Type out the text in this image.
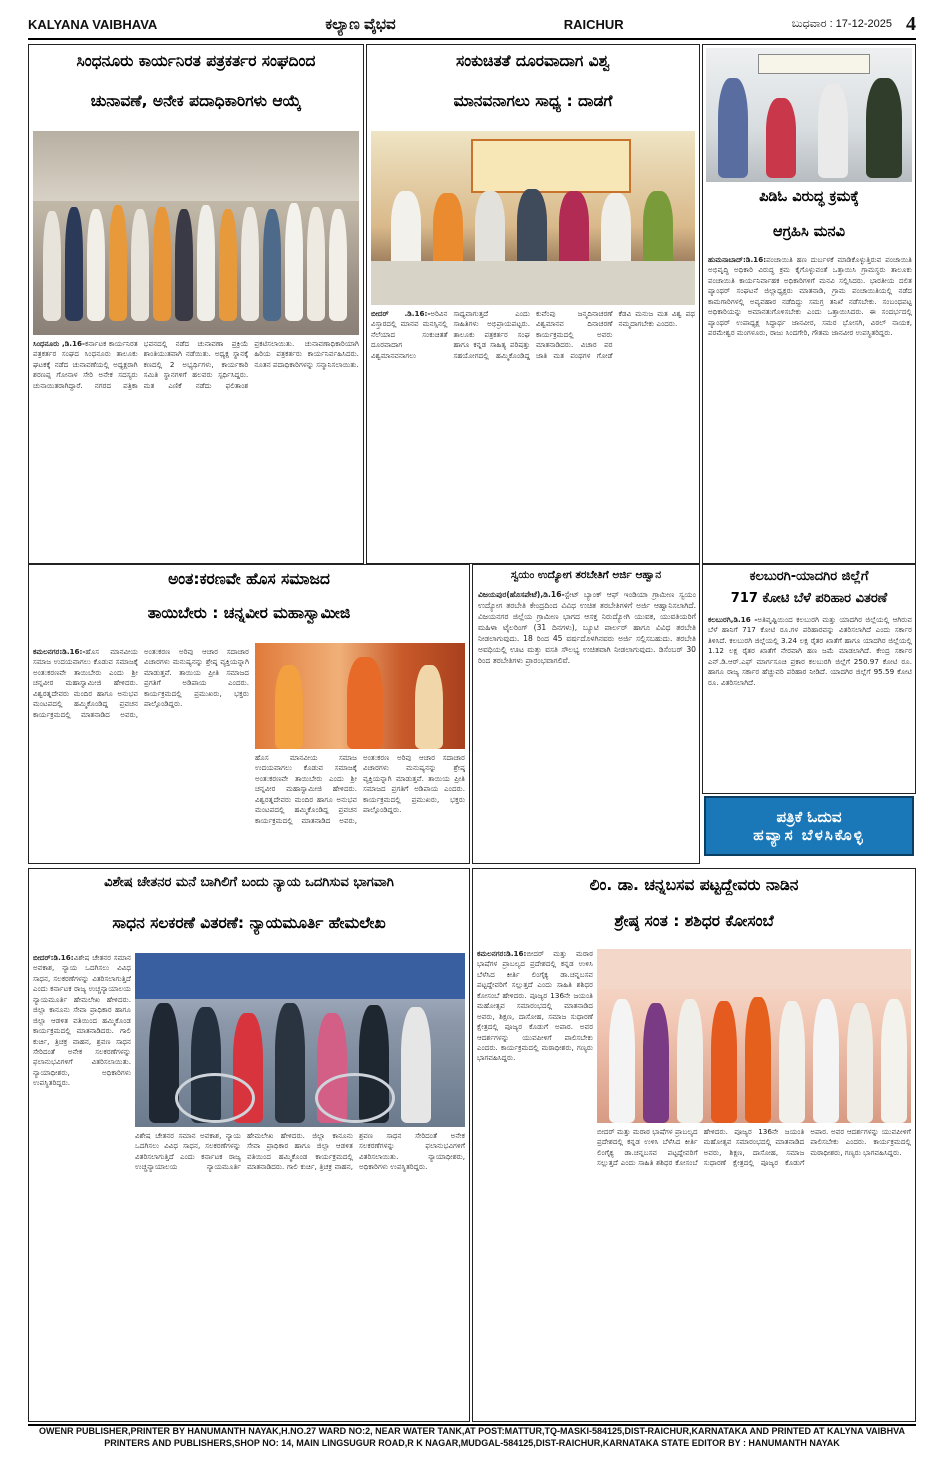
KALYANA VAIBHAVA	ಕಲ್ಯಾಣ ವೈಭವ	RAICHUR	ಬುಧವಾರ : 17-12-2025 4
ಸಿಂಧನೂರು ಕಾರ್ಯನಿರತ ಪತ್ರಕರ್ತರ ಸಂಘದಿಂದ
ಚುನಾವಣೆ, ಅನೇಕ ಪದಾಧಿಕಾರಿಗಳು ಆಯ್ಕೆ
ಸಿಂಧನೂರು ,ಡಿ.16-ಕರ್ನಾಟಕ ಕಾರ್ಯನಿರತ ಪತ್ರಕರ್ತರ ಸಂಘದ ಸಿಂಧನೂರು ತಾಲೂಕು ಘಟಕಕ್ಕೆ ನಡೆದ ಚುನಾವಣೆಯಲ್ಲಿ ಅಧ್ಯಕ್ಷರಾಗಿ ಶರಣಪ್ಪ ಗೋನಾಳ ಸೇರಿ ಅನೇಕ ಸದಸ್ಯರು ಚುನಾಯಿತರಾಗಿದ್ದಾರೆ. ನಗರದ ಪತ್ರಿಕಾ ಭವನದಲ್ಲಿ ನಡೆದ ಚುನಾವಣಾ ಪ್ರಕ್ರಿಯೆ ಶಾಂತಿಯುತವಾಗಿ ನಡೆಯಿತು. ಅಧ್ಯಕ್ಷ ಸ್ಥಾನಕ್ಕೆ ಕಣದಲ್ಲಿ 2 ಅಭ್ಯರ್ಥಿಗಳು, ಕಾರ್ಯಕಾರಿ ಸಮಿತಿ ಸ್ಥಾನಗಳಿಗೆ ಹಲವರು ಸ್ಪರ್ಧಿಸಿದ್ದರು. ಮತ ಎಣಿಕೆ ನಡೆದು ಫಲಿತಾಂಶ ಪ್ರಕಟಿಸಲಾಯಿತು. ಚುನಾವಣಾಧಿಕಾರಿಯಾಗಿ ಹಿರಿಯ ಪತ್ರಕರ್ತರು ಕಾರ್ಯನಿರ್ವಹಿಸಿದರು. ನೂತನ ಪದಾಧಿಕಾರಿಗಳನ್ನು ಸನ್ಮಾನಿಸಲಾಯಿತು.
ಸಂಕುಚಿತತೆ ದೂರವಾದಾಗ ವಿಶ್ವ
ಮಾನವನಾಗಲು ಸಾಧ್ಯ : ದಾಡಗೆ
ಬೀದರ್ .ಡಿ.16:-ಅರಿವಿನ ವಿಸ್ತಾರದಲ್ಲಿ ಮಾನವ ಮನಸ್ಸಿನಲ್ಲಿ ನೆಲೆಯಾದ ಸಂಕುಚಿತತೆ ದೂರವಾದಾಗ ವಿಶ್ವಮಾನವನಾಗಲು ಸಾಧ್ಯವಾಗುತ್ತದೆ ಎಂದು ಸಾಹಿತಿಗಳು ಅಭಿಪ್ರಾಯಪಟ್ಟರು. ತಾಲೂಕು ಪತ್ರಕರ್ತರ ಸಂಘ ಹಾಗೂ ಕನ್ನಡ ಸಾಹಿತ್ಯ ಪರಿಷತ್ತು ಸಹಯೋಗದಲ್ಲಿ ಹಮ್ಮಿಕೊಂಡಿದ್ದ ಕುವೆಂಪು ಜನ್ಮದಿನಾಚರಣೆ ವಿಶ್ವಮಾನವ ದಿನಾಚರಣೆ ಕಾರ್ಯಕ್ರಮದಲ್ಲಿ ಅವರು ಮಾತನಾಡಿದರು. ವಿಚಾರ ಪರ ಜಾತಿ ಮತ ಪಂಥಗಳ ಗೋಡೆ ಕೆಡವಿ ಮನುಜ ಮತ ವಿಶ್ವ ಪಥ ನಮ್ಮದಾಗಬೇಕು ಎಂದರು.
ಪಿಡಿಓ ವಿರುದ್ಧ ಕ್ರಮಕ್ಕೆ
ಆಗ್ರಹಿಸಿ ಮನವಿ
ಹುಮನಾಬಾದ್:ಡಿ.16:ಪಂಚಾಯಿತಿ ಹಣ ದುರ್ಬಳಕೆ ಮಾಡಿಕೊಳ್ಳುತ್ತಿರುವ ಪಂಚಾಯಿತಿ ಅಭಿವೃದ್ಧಿ ಅಧಿಕಾರಿ ವಿರುದ್ಧ ಕ್ರಮ ಕೈಗೊಳ್ಳುವಂತೆ ಒತ್ತಾಯಿಸಿ ಗ್ರಾಮಸ್ಥರು ತಾಲೂಕು ಪಂಚಾಯಿತಿ ಕಾರ್ಯನಿರ್ವಾಹಕ ಅಧಿಕಾರಿಗಳಿಗೆ ಮನವಿ ಸಲ್ಲಿಸಿದರು. ಭಾರತೀಯ ದಲಿತ ಪ್ಯಾಂಥರ್ ಸಂಘಟನೆ ಜಿಲ್ಲಾಧ್ಯಕ್ಷರು ಮಾತನಾಡಿ, ಗ್ರಾಮ ಪಂಚಾಯಿತಿಯಲ್ಲಿ ನಡೆದ ಕಾಮಗಾರಿಗಳಲ್ಲಿ ಅವ್ಯವಹಾರ ನಡೆದಿದ್ದು ಸಮಗ್ರ ತನಿಖೆ ನಡೆಸಬೇಕು. ಸಂಬಂಧಪಟ್ಟ ಅಧಿಕಾರಿಯನ್ನು ಅಮಾನತುಗೊಳಿಸಬೇಕು ಎಂದು ಒತ್ತಾಯಿಸಿದರು. ಈ ಸಂದರ್ಭದಲ್ಲಿ ಪ್ಯಾಂಥರ್ ಉಪಾಧ್ಯಕ್ಷ ಸಿದ್ಧಾರ್ಥ ಜಾನವೀರ, ಸಮರ ಭೋಸಗಿ, ವಿಠಲ್ ನಾಯಕ, ಪರಮೇಶ್ವರ ಮಂಗಳೂರು, ರಾಜು ಸಿಂದಗೇರಿ, ಗೌತಮ ಜಾನವೀರ ಉಪಸ್ಥಿತರಿದ್ದರು.
ಕಲಬುರಗಿ-ಯಾದಗಿರ ಜಿಲ್ಲೆಗೆ
717 ಕೋಟಿ ಬೆಳೆ ಪರಿಹಾರ ವಿತರಣೆ
ಕಲಬುರಗಿ,ಡಿ.16 -ಅತಿವೃಷ್ಟಿಯಿಂದ ಕಲಬುರಗಿ ಮತ್ತು ಯಾದಗಿರ ಜಿಲ್ಲೆಯಲ್ಲಿ ಆಗಿರುವ ಬೆಳೆ ಹಾನಿಗೆ 717 ಕೋಟಿ ರೂ.ಗಳ ಪರಿಹಾರವನ್ನು ವಿತರಿಸಲಾಗಿದೆ ಎಂದು ಸರ್ಕಾರ ತಿಳಿಸಿದೆ. ಕಲಬುರಗಿ ಜಿಲ್ಲೆಯಲ್ಲಿ 3.24 ಲಕ್ಷ ರೈತರ ಖಾತೆಗೆ ಹಾಗೂ ಯಾದಗಿರ ಜಿಲ್ಲೆಯಲ್ಲಿ 1.12 ಲಕ್ಷ ರೈತರ ಖಾತೆಗೆ ನೇರವಾಗಿ ಹಣ ಜಮೆ ಮಾಡಲಾಗಿದೆ. ಕೇಂದ್ರ ಸರ್ಕಾರ ಎನ್.ಡಿ.ಆರ್.ಎಫ್ ಮಾರ್ಗಸೂಚಿ ಪ್ರಕಾರ ಕಲಬುರಗಿ ಜಿಲ್ಲೆಗೆ 250.97 ಕೋಟಿ ರೂ. ಹಾಗೂ ರಾಜ್ಯ ಸರ್ಕಾರ ಹೆಚ್ಚುವರಿ ಪರಿಹಾರ ನೀಡಿದೆ. ಯಾದಗಿರ ಜಿಲ್ಲೆಗೆ 95.59 ಕೋಟಿ ರೂ. ವಿತರಿಸಲಾಗಿದೆ.
ಪತ್ರಿಕೆ ಓದುವ
ಹವ್ಯಾಸ ಬೆಳಸಿಕೊಳ್ಳಿ
ಅಂತ:ಕರಣವೇ ಹೊಸ ಸಮಾಜದ
ತಾಯಿಬೇರು : ಚನ್ನವೀರ ಮಹಾಸ್ವಾಮೀಜಿ
ಕಮಲನಗರ:ಡಿ.16:-ಹೊಸ ಮಾನವೀಯ ಸಮಾಜ ಉದಯವಾಗಲು ಕೊಡುವ ಸಮಾಜಕ್ಕೆ ಅಂತ:ಕರಣವೇ ತಾಯಿಬೇರು ಎಂದು ಶ್ರೀ ಚನ್ನವೀರ ಮಹಾಸ್ವಾಮೀಜಿ ಹೇಳಿದರು. ವಿಶ್ವರತ್ನದೇವರು ಮಂದಿರ ಹಾಗೂ ಅನುಭವ ಮಂಟಪದಲ್ಲಿ ಹಮ್ಮಿಕೊಂಡಿದ್ದ ಪ್ರವಚನ ಕಾರ್ಯಕ್ರಮದಲ್ಲಿ ಮಾತನಾಡಿದ ಅವರು, ಅಂತ:ಕರಣ ಅರಿವು ಆಚಾರ ಸದಾಚಾರ ವಿಚಾರಗಳು ಮನುಷ್ಯನನ್ನು ಶ್ರೇಷ್ಠ ವ್ಯಕ್ತಿಯನ್ನಾಗಿ ಮಾಡುತ್ತವೆ. ತಾಯಿಯ ಪ್ರೀತಿ ಸಮಾಜದ ಪ್ರಗತಿಗೆ ಅಡಿಪಾಯ ಎಂದರು. ಕಾರ್ಯಕ್ರಮದಲ್ಲಿ ಪ್ರಮುಖರು, ಭಕ್ತರು ಪಾಲ್ಗೊಂಡಿದ್ದರು.
ಹೊಸ ಮಾನವೀಯ ಸಮಾಜ ಉದಯವಾಗಲು ಕೊಡುವ ಸಮಾಜಕ್ಕೆ ಅಂತ:ಕರಣವೇ ತಾಯಿಬೇರು ಎಂದು ಶ್ರೀ ಚನ್ನವೀರ ಮಹಾಸ್ವಾಮೀಜಿ ಹೇಳಿದರು. ವಿಶ್ವರತ್ನದೇವರು ಮಂದಿರ ಹಾಗೂ ಅನುಭವ ಮಂಟಪದಲ್ಲಿ ಹಮ್ಮಿಕೊಂಡಿದ್ದ ಪ್ರವಚನ ಕಾರ್ಯಕ್ರಮದಲ್ಲಿ ಮಾತನಾಡಿದ ಅವರು, ಅಂತ:ಕರಣ ಅರಿವು ಆಚಾರ ಸದಾಚಾರ ವಿಚಾರಗಳು ಮನುಷ್ಯನನ್ನು ಶ್ರೇಷ್ಠ ವ್ಯಕ್ತಿಯನ್ನಾಗಿ ಮಾಡುತ್ತವೆ. ತಾಯಿಯ ಪ್ರೀತಿ ಸಮಾಜದ ಪ್ರಗತಿಗೆ ಅಡಿಪಾಯ ಎಂದರು. ಕಾರ್ಯಕ್ರಮದಲ್ಲಿ ಪ್ರಮುಖರು, ಭಕ್ತರು ಪಾಲ್ಗೊಂಡಿದ್ದರು.
ಸ್ವಯಂ ಉದ್ಯೋಗ ತರಬೇತಿಗೆ ಅರ್ಜಿ ಆಹ್ವಾನ
ವಿಜಯಪುರ(ಹೊಸಪೇಟೆ),ಡಿ.16-ಸ್ಟೇಟ್ ಬ್ಯಾಂಕ್ ಆಫ್ ಇಂಡಿಯಾ ಗ್ರಾಮೀಣ ಸ್ವಯಂ ಉದ್ಯೋಗ ತರಬೇತಿ ಕೇಂದ್ರದಿಂದ ವಿವಿಧ ಉಚಿತ ತರಬೇತಿಗಳಿಗೆ ಅರ್ಜಿ ಆಹ್ವಾನಿಸಲಾಗಿದೆ. ವಿಜಯನಗರ ಜಿಲ್ಲೆಯ ಗ್ರಾಮೀಣ ಭಾಗದ ಆಸಕ್ತ ನಿರುದ್ಯೋಗಿ ಯುವಕ, ಯುವತಿಯರಿಗೆ ಮಹಿಳಾ ಟೈಲರಿಂಗ್ (31 ದಿನಗಳು), ಬ್ಯೂಟಿ ಪಾರ್ಲರ್ ಹಾಗೂ ವಿವಿಧ ತರಬೇತಿ ನೀಡಲಾಗುವುದು. 18 ರಿಂದ 45 ವರ್ಷದೊಳಗಿನವರು ಅರ್ಜಿ ಸಲ್ಲಿಸಬಹುದು. ತರಬೇತಿ ಅವಧಿಯಲ್ಲಿ ಊಟ ಮತ್ತು ವಸತಿ ಸೌಲಭ್ಯ ಉಚಿತವಾಗಿ ನೀಡಲಾಗುವುದು. ಡಿಸೆಂಬರ್ 30 ರಿಂದ ತರಬೇತಿಗಳು ಪ್ರಾರಂಭವಾಗಲಿವೆ.
ವಿಶೇಷ ಚೇತನರ ಮನೆ ಬಾಗಿಲಿಗೆ ಬಂದು ನ್ಯಾಯ ಒದಗಿಸುವ ಭಾಗವಾಗಿ
ಸಾಧನ ಸಲಕರಣೆ ವಿತರಣೆ: ನ್ಯಾಯಮೂರ್ತಿ ಹೇಮಲೇಖ
ಬೀದರ್:ಡಿ.16:ವಿಶೇಷ ಚೇತನರ ಸಮಾನ ಅವಕಾಶ, ನ್ಯಾಯ ಒದಗಿಸಲು ವಿವಿಧ ಸಾಧನ, ಸಲಕರಣೆಗಳನ್ನು ವಿತರಿಸಲಾಗುತ್ತಿದೆ ಎಂದು ಕರ್ನಾಟಕ ರಾಜ್ಯ ಉಚ್ಚನ್ಯಾಯಾಲಯ ನ್ಯಾಯಮೂರ್ತಿ ಹೇಮಲೇಖ ಹೇಳಿದರು. ಜಿಲ್ಲಾ ಕಾನೂನು ಸೇವಾ ಪ್ರಾಧಿಕಾರ ಹಾಗೂ ಜಿಲ್ಲಾ ಆಡಳಿತ ವತಿಯಿಂದ ಹಮ್ಮಿಕೊಂಡ ಕಾರ್ಯಕ್ರಮದಲ್ಲಿ ಮಾತನಾಡಿದರು. ಗಾಲಿ ಕುರ್ಚಿ, ತ್ರಿಚಕ್ರ ವಾಹನ, ಶ್ರವಣ ಸಾಧನ ಸೇರಿದಂತೆ ಅನೇಕ ಸಲಕರಣೆಗಳನ್ನು ಫಲಾನುಭವಿಗಳಿಗೆ ವಿತರಿಸಲಾಯಿತು. ನ್ಯಾಯಾಧೀಶರು, ಅಧಿಕಾರಿಗಳು ಉಪಸ್ಥಿತರಿದ್ದರು.
ವಿಶೇಷ ಚೇತನರ ಸಮಾನ ಅವಕಾಶ, ನ್ಯಾಯ ಒದಗಿಸಲು ವಿವಿಧ ಸಾಧನ, ಸಲಕರಣೆಗಳನ್ನು ವಿತರಿಸಲಾಗುತ್ತಿದೆ ಎಂದು ಕರ್ನಾಟಕ ರಾಜ್ಯ ಉಚ್ಚನ್ಯಾಯಾಲಯ ನ್ಯಾಯಮೂರ್ತಿ ಹೇಮಲೇಖ ಹೇಳಿದರು. ಜಿಲ್ಲಾ ಕಾನೂನು ಸೇವಾ ಪ್ರಾಧಿಕಾರ ಹಾಗೂ ಜಿಲ್ಲಾ ಆಡಳಿತ ವತಿಯಿಂದ ಹಮ್ಮಿಕೊಂಡ ಕಾರ್ಯಕ್ರಮದಲ್ಲಿ ಮಾತನಾಡಿದರು. ಗಾಲಿ ಕುರ್ಚಿ, ತ್ರಿಚಕ್ರ ವಾಹನ, ಶ್ರವಣ ಸಾಧನ ಸೇರಿದಂತೆ ಅನೇಕ ಸಲಕರಣೆಗಳನ್ನು ಫಲಾನುಭವಿಗಳಿಗೆ ವಿತರಿಸಲಾಯಿತು. ನ್ಯಾಯಾಧೀಶರು, ಅಧಿಕಾರಿಗಳು ಉಪಸ್ಥಿತರಿದ್ದರು.
ಲಿಂ. ಡಾ. ಚನ್ನಬಸವ ಪಟ್ಟದ್ದೇವರು ನಾಡಿನ
ಶ್ರೇಷ್ಠ ಸಂತ : ಶಶಿಧರ ಕೋಸಂಬೆ
ಕಮಲನಗರ:ಡಿ.16:ಬೀದರ್ ಮತ್ತು ಮರಾಠ ಭಾಷೆಗಳ ಪ್ರಾಬಲ್ಯದ ಪ್ರದೇಶದಲ್ಲಿ ಕನ್ನಡ ಉಳಿಸಿ ಬೆಳೆಸಿದ ಕೀರ್ತಿ ಲಿಂಗೈಕ್ಯ ಡಾ.ಚನ್ನಬಸವ ಪಟ್ಟದ್ದೇವರಿಗೆ ಸಲ್ಲುತ್ತದೆ ಎಂದು ಸಾಹಿತಿ ಶಶಿಧರ ಕೋಸಂಬೆ ಹೇಳಿದರು. ಪೂಜ್ಯರ 136ನೇ ಜಯಂತಿ ಮಹೋತ್ಸವ ಸಮಾರಂಭದಲ್ಲಿ ಮಾತನಾಡಿದ ಅವರು, ಶಿಕ್ಷಣ, ದಾಸೋಹ, ಸಮಾಜ ಸುಧಾರಣೆ ಕ್ಷೇತ್ರದಲ್ಲಿ ಪೂಜ್ಯರ ಕೊಡುಗೆ ಅಪಾರ. ಅವರ ಆದರ್ಶಗಳನ್ನು ಯುವಪೀಳಿಗೆ ಪಾಲಿಸಬೇಕು ಎಂದರು. ಕಾರ್ಯಕ್ರಮದಲ್ಲಿ ಮಠಾಧೀಶರು, ಗಣ್ಯರು ಭಾಗವಹಿಸಿದ್ದರು.
ಬೀದರ್ ಮತ್ತು ಮರಾಠ ಭಾಷೆಗಳ ಪ್ರಾಬಲ್ಯದ ಪ್ರದೇಶದಲ್ಲಿ ಕನ್ನಡ ಉಳಿಸಿ ಬೆಳೆಸಿದ ಕೀರ್ತಿ ಲಿಂಗೈಕ್ಯ ಡಾ.ಚನ್ನಬಸವ ಪಟ್ಟದ್ದೇವರಿಗೆ ಸಲ್ಲುತ್ತದೆ ಎಂದು ಸಾಹಿತಿ ಶಶಿಧರ ಕೋಸಂಬೆ ಹೇಳಿದರು. ಪೂಜ್ಯರ 136ನೇ ಜಯಂತಿ ಮಹೋತ್ಸವ ಸಮಾರಂಭದಲ್ಲಿ ಮಾತನಾಡಿದ ಅವರು, ಶಿಕ್ಷಣ, ದಾಸೋಹ, ಸಮಾಜ ಸುಧಾರಣೆ ಕ್ಷೇತ್ರದಲ್ಲಿ ಪೂಜ್ಯರ ಕೊಡುಗೆ ಅಪಾರ. ಅವರ ಆದರ್ಶಗಳನ್ನು ಯುವಪೀಳಿಗೆ ಪಾಲಿಸಬೇಕು ಎಂದರು. ಕಾರ್ಯಕ್ರಮದಲ್ಲಿ ಮಠಾಧೀಶರು, ಗಣ್ಯರು ಭಾಗವಹಿಸಿದ್ದರು.
OWENR PUBLISHER,PRINTER BY HANUMANTH NAYAK,H.NO.27 WARD NO:2, NEAR WATER TANK,AT POST:MATTUR,TQ-MASKI-584125,DIST-RAICHUR,KARNATAKA AND PRINTED AT KALYNA VAIBHVA
PRINTERS AND PUBLISHERS,SHOP NO: 14, MAIN LINGSUGUR ROAD,R K NAGAR,MUDGAL-584125,DIST-RAICHUR,KARNATAKA STATE EDITOR BY : HANUMANTH NAYAK
